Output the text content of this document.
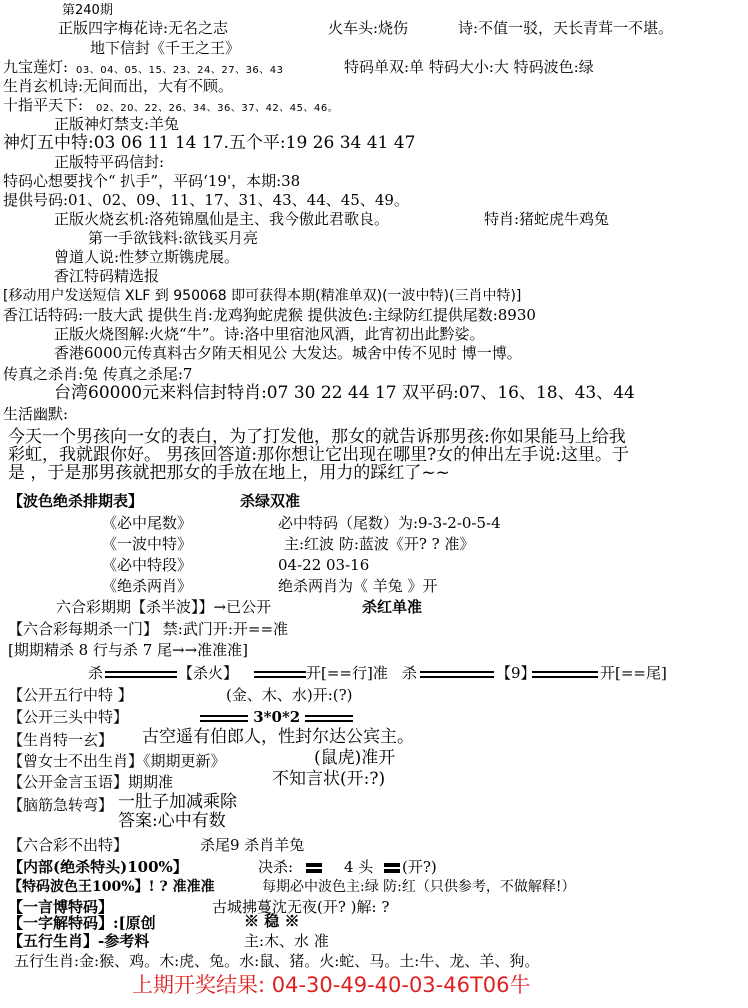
第240期
正版四字梅花诗:无名之志	火车头:烧伤	诗:不值一驳，天长青茸一不堪。
地下信封《千王之王》
九宝莲灯: 03、04、05、15、23、24、27、36、43	特码单双:单 特码大小:大 特码波色:绿
生肖玄机诗:无间而出，大有不顾。
十指平天下: 02、20、22、26、34、36、37、42、45、46。
正版神灯禁支:羊兔
神灯五中特:03 06 11 14 17.五个平:19 26 34 41 47
正版特平码信封:
特码心想要找个“ 扒手”，平码‘19'，本期:38
提供号码:01、02、09、11、17、31、43、44、45、49。
正版火烧玄机:洛苑锦凰仙是主、我今傲此君歌良。	特肖:猪蛇虎牛鸡兔
第一手欲钱料:欲钱买月亮
曾道人说:性梦立斯镌虎展。
香江特码精选报
[移动用户发送短信 XLF 到 950068 即可获得本期(精准单双)(一波中特)(三肖中特)]
香江话特码:一肢大武 提供生肖:龙鸡狗蛇虎猴 提供波色:主绿防红提供尾数:8930
正版火烧图解:火烧“牛”。诗:洛中里宿池风酒，此宵初出此黔娑。
香港6000元传真料古夕陏天相见公 大发达。城舍中传不见时 博一博。
传真之杀肖:兔 传真之杀尾:7
台湾60000元来料信封特肖:07 30 22 44 17 双平码:07、16、18、43、44
生活幽默:
今天一个男孩向一女的表白，为了打发他，那女的就告诉那男孩:你如果能马上给我
彩虹，我就跟你好。 男孩回答道:那你想让它出现在哪里?女的伸出左手说:这里。于
是 ，于是那男孩就把那女的手放在地上，用力的踩红了~~
【波色绝杀排期表】	杀绿双准
《必中尾数》	必中特码（尾数）为:9-3-2-0-5-4
《一波中特》	主:红波 防:蓝波《开? ? 准》
《必中特段》	04-22 03-16
《绝杀两肖》	绝杀两肖为《 羊兔 》开
六合彩期期【杀半波】】→已公开	杀红单准
【六合彩每期杀一门】 禁:武门开:开==准
[期期精杀 8 行与杀 7 尾→→准准准]
杀	【杀火】	开[==行]准 杀	【9】	开[==尾]
【公开五行中特 】	(金、木、水)开:(?)
【公开三头中特】	3*0*2
【生肖特一玄】 古空遥有伯郎人，性封尔达公宾主。
【曾女士不出生肖】《期期更新》	(鼠虎)准开
【公开金言玉语】期期准	不知言状(开:?)
【脑筋急转弯】 一肚子加减乘除
答案:心中有数
【六合彩不出特】	杀尾9 杀肖羊兔
【内部(绝杀特头)100%】	决杀:	4 头 (开?)
【特码波色王100%】! ? 准准准	每期必中波色主:绿 防:红（只供参考，不做解释!）
【一言博特码】	古城拂蔓沈无夜(开? )解: ?
【一字解特码】:[原创	※ 稳 ※
【五行生肖】-参考料	主:木、水 准
五行生肖:金:猴、鸡。木:虎、兔。水:鼠、猪。火:蛇、马。土:牛、龙、羊、狗。
上期开奖结果: 04-30-49-40-03-46T06牛
